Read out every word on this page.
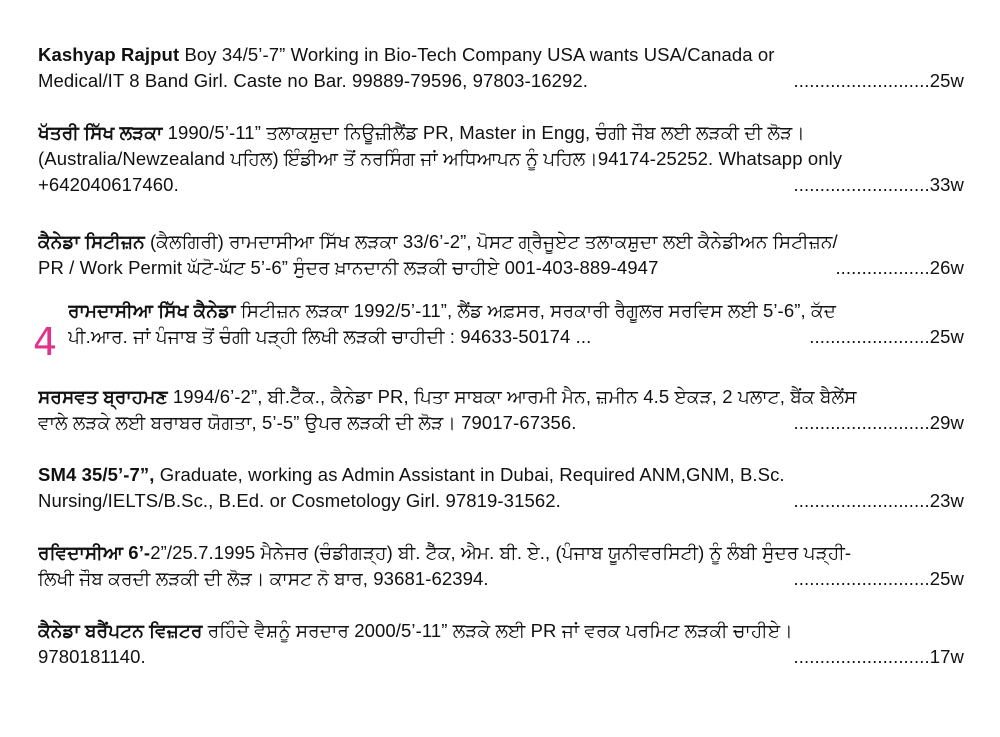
Kashyap Rajput Boy 34/5’-7” Working in Bio-Tech Company USA wants USA/Canada or
Medical/IT 8 Band Girl. Caste no Bar. 99889-79596, 97803-16292.	..........................25w
ਖੱਤਰੀ ਸਿੱਖ ਲੜਕਾ 1990/5’-11” ਤਲਾਕਸ਼ੁਦਾ ਨਿਊਜ਼ੀਲੈਂਡ PR, Master in Engg, ਚੰਗੀ ਜੌਬ ਲਈ ਲੜਕੀ ਦੀ ਲੋੜ।
(Australia/Newzealand ਪਹਿਲ) ਇੰਡੀਆ ਤੋਂ ਨਰਸਿੰਗ ਜਾਂ ਅਧਿਆਪਨ ਨੂੰ ਪਹਿਲ।94174-25252. Whatsapp only
+642040617460.	..........................33w
ਕੈਨੇਡਾ ਸਿਟੀਜ਼ਨ (ਕੈਲਗਿਰੀ) ਰਾਮਦਾਸੀਆ ਸਿੱਖ ਲੜਕਾ 33/6’-2”, ਪੋਸਟ ਗ੍ਰੈਜੂਏਟ ਤਲਾਕਸ਼ੁਦਾ ਲਈ ਕੈਨੇਡੀਅਨ ਸਿਟੀਜ਼ਨ/
PR / Work Permit ਘੱਟੋ-ਘੱਟ 5’-6” ਸੁੰਦਰ ਖ਼ਾਨਦਾਨੀ ਲੜਕੀ ਚਾਹੀਏ 001-403-889-4947	..................26w
4
ਰਾਮਦਾਸੀਆ ਸਿੱਖ ਕੈਨੇਡਾ ਸਿਟੀਜ਼ਨ ਲੜਕਾ 1992/5’-11”, ਲੈਂਡ ਅਫ਼ਸਰ, ਸਰਕਾਰੀ ਰੈਗੂਲਰ ਸਰਵਿਸ ਲਈ 5’-6”, ਕੱਦ
ਪੀ.ਆਰ. ਜਾਂ ਪੰਜਾਬ ਤੋਂ ਚੰਗੀ ਪੜ੍ਹੀ ਲਿਖੀ ਲੜਕੀ ਚਾਹੀਦੀ : 94633-50174 ...	.......................25w
ਸਰਸਵਤ ਬ੍ਰਾਹਮਣ 1994/6’-2”, ਬੀ.ਟੈੱਕ., ਕੈਨੇਡਾ PR, ਪਿਤਾ ਸਾਬਕਾ ਆਰਮੀ ਮੈਨ, ਜ਼ਮੀਨ 4.5 ਏਕੜ, 2 ਪਲਾਟ, ਬੈਂਕ ਬੈਲੇਂਸ
ਵਾਲੇ ਲੜਕੇ ਲਈ ਬਰਾਬਰ ਯੋਗਤਾ, 5’-5” ਉਪਰ ਲੜਕੀ ਦੀ ਲੋੜ। 79017-67356.	..........................29w
SM4 35/5’-7”, Graduate, working as Admin Assistant in Dubai, Required ANM,GNM, B.Sc.
Nursing/IELTS/B.Sc., B.Ed. or Cosmetology Girl. 97819-31562.	..........................23w
ਰਵਿਦਾਸੀਆ 6’-2”/25.7.1995 ਮੈਨੇਜਰ (ਚੰਡੀਗੜ੍ਹ) ਬੀ. ਟੈੱਕ, ਐਮ. ਬੀ. ਏ., (ਪੰਜਾਬ ਯੂਨੀਵਰਸਿਟੀ) ਨੂੰ ਲੰਬੀ ਸੁੰਦਰ ਪੜ੍ਹੀ-
ਲਿਖੀ ਜੌਬ ਕਰਦੀ ਲੜਕੀ ਦੀ ਲੋੜ। ਕਾਸਟ ਨੋ ਬਾਰ, 93681-62394.	..........................25w
ਕੈਨੇਡਾ ਬਰੈਂਪਟਨ ਵਿਜ਼ਟਰ ਰਹਿੰਦੇ ਵੈਸ਼ਨੂੰ ਸਰਦਾਰ 2000/5’-11” ਲੜਕੇ ਲਈ PR ਜਾਂ ਵਰਕ ਪਰਮਿਟ ਲੜਕੀ ਚਾਹੀਏ।
9780181140.	..........................17w
